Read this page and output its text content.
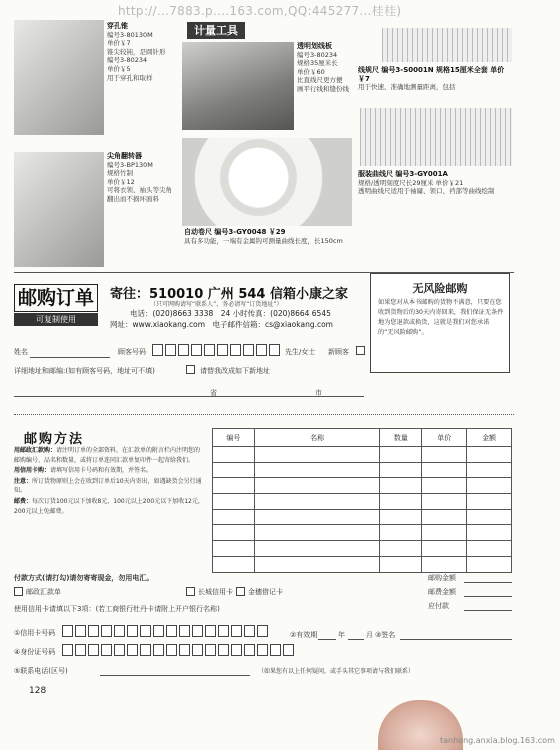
http://...7883.p....163.com,QQ:445277...桂桂)
穿孔锥
编号3-80130M
单价￥7
锥尖较钝，是圆针形
编号3-80234
单价￥5
用于穿孔和取样
计量工具
透明划线板
编号3-80234
规格35厘米长
单价￥60
比直线尺更方便
画平行线和缝份线
线规尺 编号3-S0001N 规格15厘米全套 单价￥7
用于快速、准确地测量距离，包括
尖角翻转器
编号3-BP130M
规格竹制
单价￥12
可将衣领、袖头等尖角翻出而不损坏面料
自动卷尺 编号3-GY0048 ￥29
具有多功能，一端有金属钩可测量曲线长度，长150cm
服装曲线尺 编号3-GY001A
规格/透明刻度尺长29厘米 单价￥21
透明曲线尺适用于袖窿、领口、裆部等曲线绘制
邮购订单
可复制使用
寄往：510010 广州 544 信箱小康之家
（只可网购请写“联系人”，务必请写“订货地址”）
电话：(020)8663 3338　24 小时传真：(020)8664 6545
网址：www.xiaokang.com　电子邮件信箱：cs@xiaokang.com
无风险邮购
如果您对从本书邮购的货物不满意，只要在您收到货物后的30天内寄回来，我们保证无条件地为您退款或换货，这就是我们对您承诺的“无风险邮购”。
姓名	顾客号码	先生/女士 新顾客
详细地址和邮编:(如有顾客号码，地址可不填)	请替我改成如下新地址
省	市
邮购方法

用邮政汇款购：请注明订单的全部资料，在汇款单的附言栏内注明您的邮购编号、品名和数量，或将订单连同汇款单复印件一起寄给我们。

用信用卡购：请填写信用卡号码和有效期，并签名。

注意：所订货物原则上会在收到订单后10天内寄出，如遇缺货会另行通知。

邮费：每次订货100元以下加收8元，100元以上200元以下加收12元，200元以上免邮费。

编号	名称	数量	单价	金额

付款方式(请打勾)请勿寄寄现金，勿用电汇。
邮政汇款单	长城信用卡 金穗借记卡
邮购金额
邮费金额
应付款
使用信用卡请填以下3项：(若工商银行牡丹卡请附上开户银行名称)
①信用卡号码	②有效期	年	月 ③签名
④身份证号码
⑤联系电话(区号)	（如果您有以上任何疑问，或手头其它事项请与我们联系）
128
tanhong.anxia.blog.163.com
